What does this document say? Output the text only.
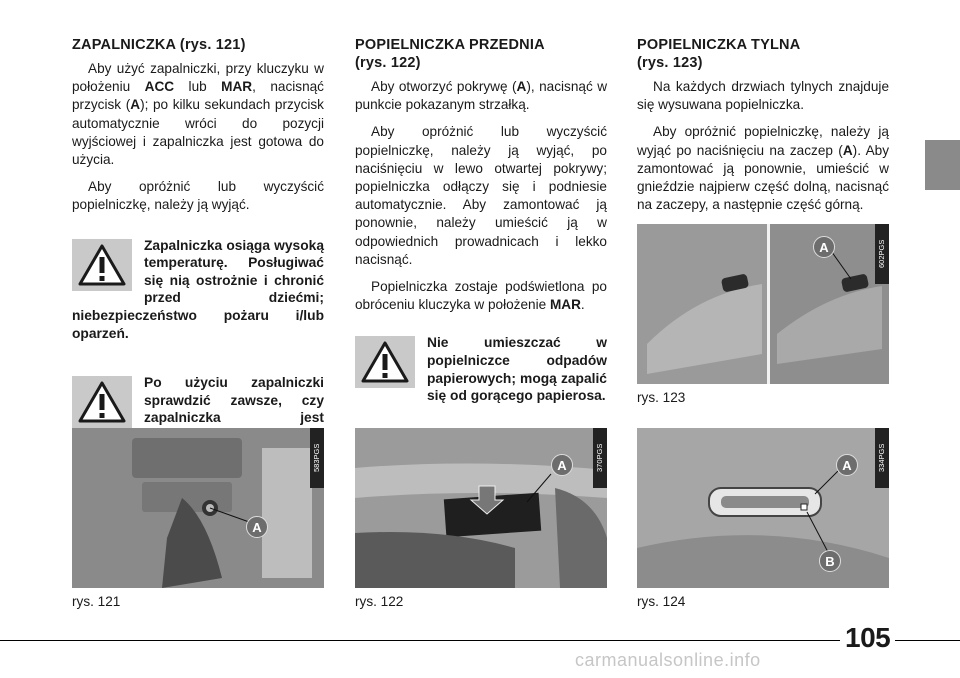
ZAPALNICZKA (rys. 121)

Aby użyć zapalniczki, przy kluczyku w położeniu ACC lub MAR, nacisnąć przycisk (A); po kilku sekundach przycisk automatycznie wróci do pozycji wyjściowej i zapalniczka jest gotowa do użycia.

Aby opróżnić lub wyczyścić popielniczkę, należy ją wyjąć.

Zapalniczka osiąga wysoką temperaturę. Posługiwać się nią ostrożnie i chronić przed dziećmi; niebezpieczeństwo pożaru i/lub oparzeń.
Po użyciu zapalniczki sprawdzić zawsze, czy zapalniczka jest
POPIELNICZKA PRZEDNIA
(rys. 122)

Aby otworzyć pokrywę (A), nacisnąć w punkcie pokazanym strzałką.

Aby opróżnić lub wyczyścić popielniczkę, należy ją wyjąć, po naciśnięciu w lewo otwartej pokrywy; popielniczka odłączy się i podniesie automatycznie. Aby zamontować ją ponownie, należy umieścić ją w odpowiednich prowadnicach i lekko nacisnąć.

Popielniczka zostaje podświetlona po obróceniu kluczyka w położenie MAR.

Nie umieszczać w popielniczce odpadów papierowych; mogą zapalić się od gorącego papierosa.
POPIELNICZKA TYLNA
(rys. 123)

Na każdych drzwiach tylnych znajduje się wysuwana popielniczka.

Aby opróżnić popielniczkę, należy ją wyjąć po naciśnięciu na zaczep (A). Aby zamontować ją ponownie, umieścić w gnieździe najpierw część dolną, nacisnąć na zaczepy, a następnie część górną.

A	602PGS
rys. 123
A
583PGS
rys. 121
A	370PGS
rys. 122
A
B
334PGS
rys. 124
105
carmanualsonline.info
